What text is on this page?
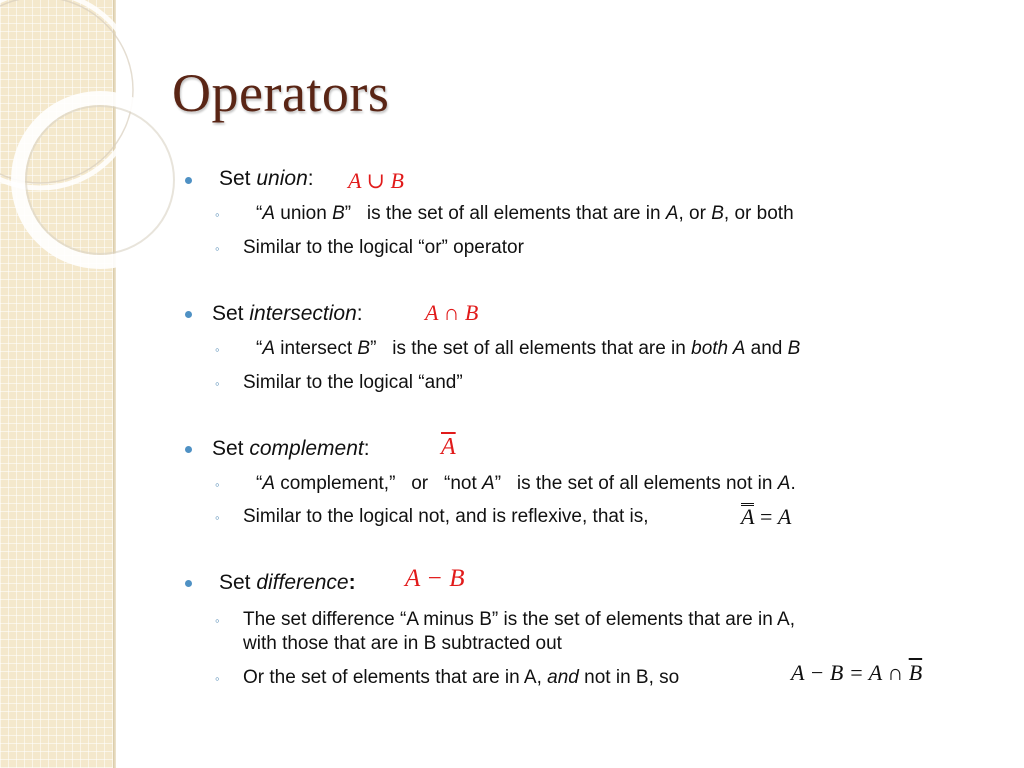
Operators
Set union: A ∪ B
◦ “A union B” is the set of all elements that are in A, or B, or both
◦ Similar to the logical “or” operator
Set intersection:	A ∩ B
◦ “A intersect B” is the set of all elements that are in both A and B
◦ Similar to the logical “and”
Set complement:	$\overline{A}$
◦ “A complement,” or “not A” is the set of all elements not in A.
◦ Similar to the logical not, and is reflexive, that is,	A = A
Set difference: A − B
◦ The set difference “A minus B” is the set of elements that are in A,
with those that are in B subtracted out
◦ Or the set of elements that are in A, and not in B, so	A − B = A ∩ $\overline{B}$
